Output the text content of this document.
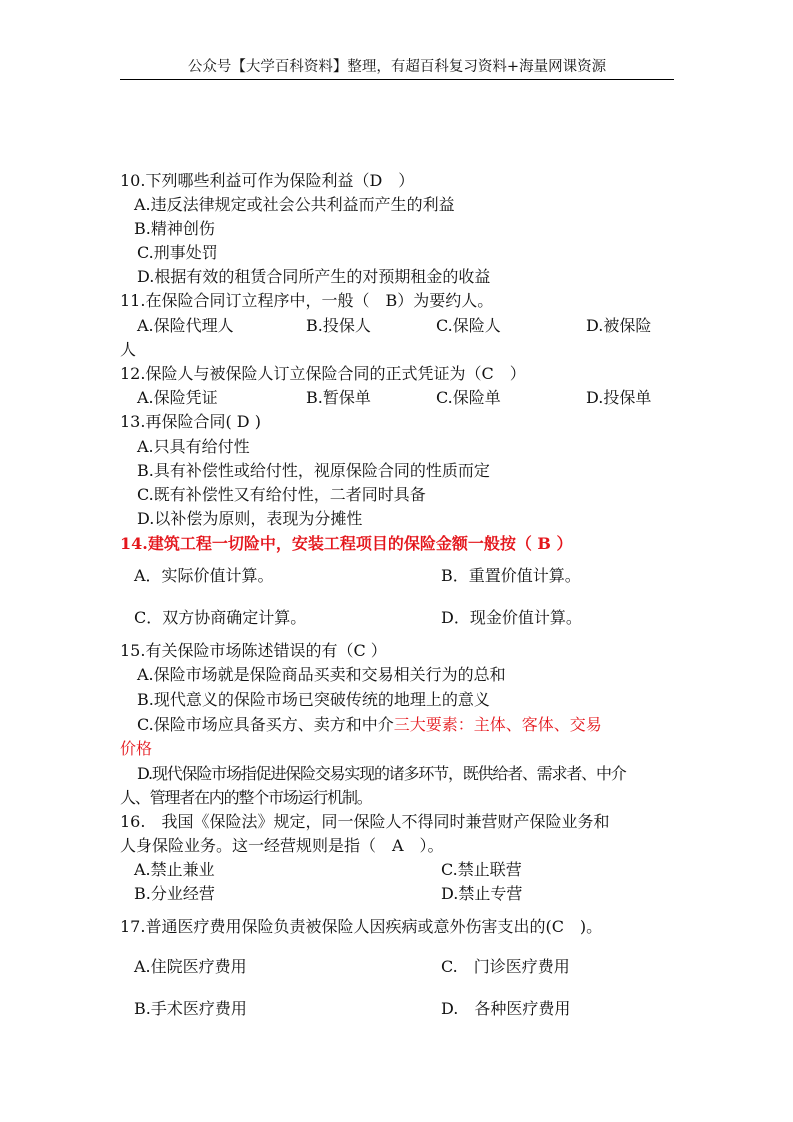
公众号【大学百科资料】整理，有超百科复习资料+海量网课资源
10.下列哪些利益可作为保险利益（D　）
A.违反法律规定或社会公共利益而产生的利益
B.精神创伤
C.刑事处罚
D.根据有效的租赁合同所产生的对预期租金的收益
11.在保险合同订立程序中，一般（　B）为要约人。
A.保险代理人	B.投保人	C.保险人	D.被保险
人
12.保险人与被保险人订立保险合同的正式凭证为（C　）
A.保险凭证	B.暂保单	C.保险单	D.投保单
13.再保险合同( D )
A.只具有给付性
B.具有补偿性或给付性，视原保险合同的性质而定
C.既有补偿性又有给付性，二者同时具备
D.以补偿为原则，表现为分摊性
14.建筑工程一切险中，安装工程项目的保险金额一般按（ B ）
A．实际价值计算。	B．重置价值计算。
C．双方协商确定计算。	D．现金价值计算。
15.有关保险市场陈述错误的有（C ）
A.保险市场就是保险商品买卖和交易相关行为的总和
B.现代意义的保险市场已突破传统的地理上的意义
C.保险市场应具备买方、卖方和中介三大要素：主体、客体、交易
价格
D.现代保险市场指促进保险交易实现的诸多环节，既供给者、需求者、中介
人、管理者在内的整个市场运行机制。
16.　我国《保险法》规定，同一保险人不得同时兼营财产保险业务和
人身保险业务。这一经营规则是指（　A　）。
A.禁止兼业	C.禁止联营
B.分业经营	D.禁止专营
17.普通医疗费用保险负责被保险人因疾病或意外伤害支出的(C　)。
A.住院医疗费用	C.　门诊医疗费用
B.手术医疗费用	D.　各种医疗费用
